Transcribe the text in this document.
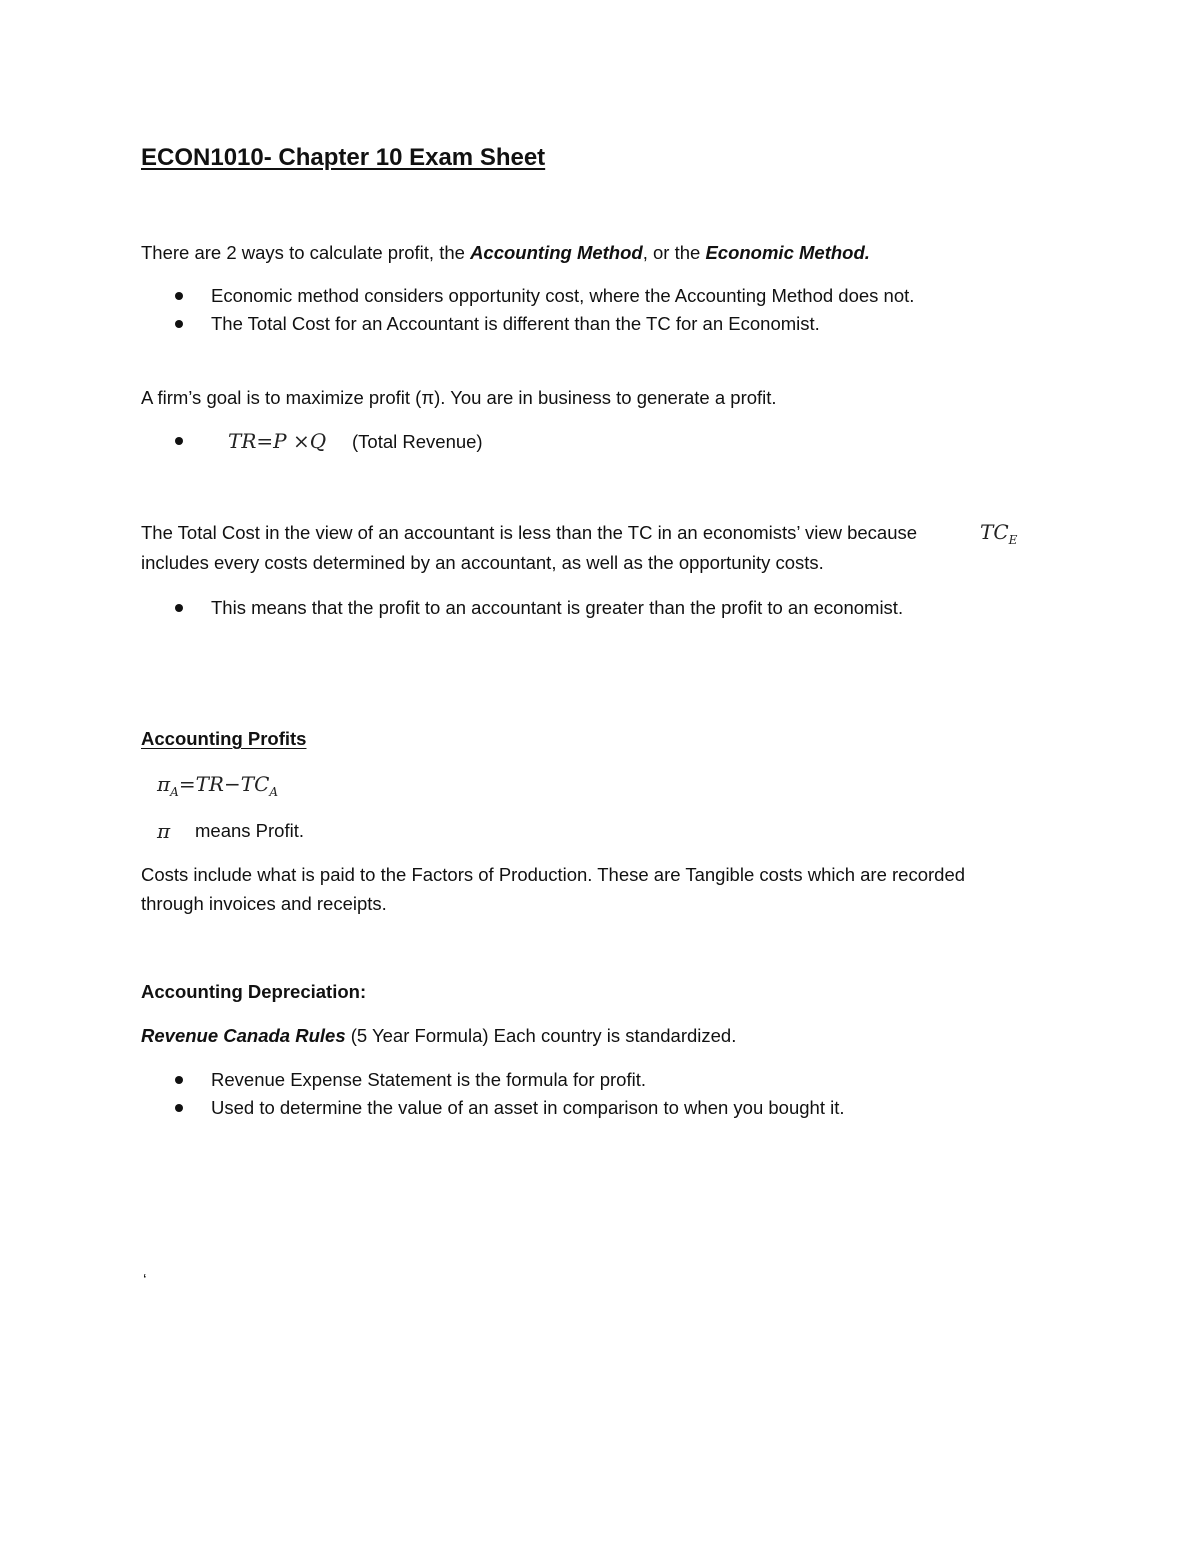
ECON1010- Chapter 10 Exam Sheet
There are 2 ways to calculate profit, the Accounting Method, or the Economic Method.
Economic method considers opportunity cost, where the Accounting Method does not.
The Total Cost for an Accountant is different than the TC for an Economist.
A firm’s goal is to maximize profit (π). You are in business to generate a profit.
TR=P ×Q (Total Revenue)
The Total Cost in the view of an accountant is less than the TC in an economists’ view because	$TC_E$
includes every costs determined by an accountant, as well as the opportunity costs.
This means that the profit to an accountant is greater than the profit to an economist.
Accounting Profits
$\pi_A=TR-TC_A$
π means Profit.
Costs include what is paid to the Factors of Production. These are Tangible costs which are recorded
through invoices and receipts.
Accounting Depreciation:
Revenue Canada Rules (5 Year Formula) Each country is standardized.
Revenue Expense Statement is the formula for profit.
Used to determine the value of an asset in comparison to when you bought it.
‘
